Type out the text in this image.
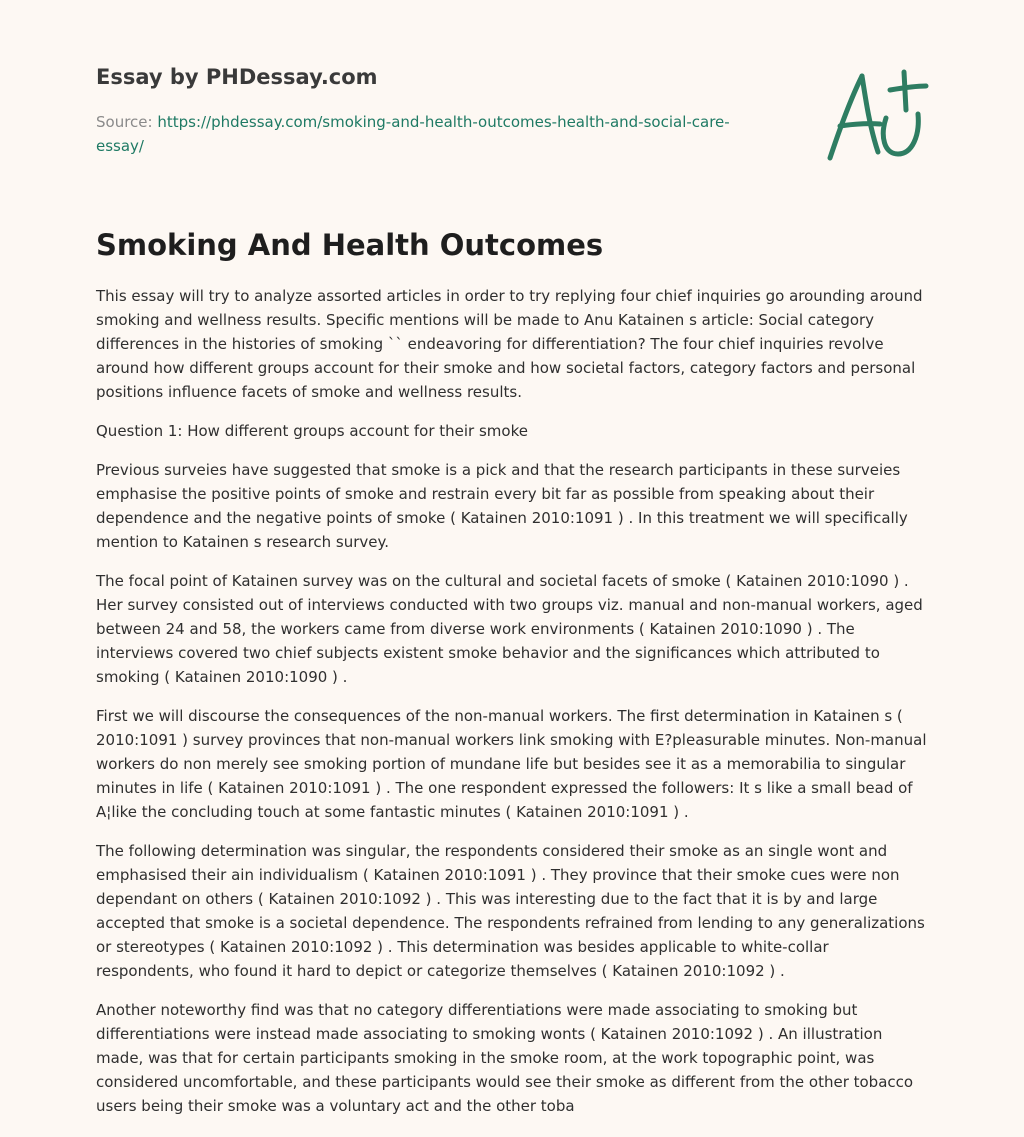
Essay by PHDessay.com
Source: https://phdessay.com/smoking-and-health-outcomes-health-and-social-care-essay/
Smoking And Health Outcomes

This essay will try to analyze assorted articles in order to try replying four chief inquiries go arounding around smoking and wellness results. Specific mentions will be made to Anu Katainen s article: Social category differences in the histories of smoking `` endeavoring for differentiation? The four chief inquiries revolve around how different groups account for their smoke and how societal factors, category factors and personal positions influence facets of smoke and wellness results.

Question 1: How different groups account for their smoke

Previous surveies have suggested that smoke is a pick and that the research participants in these surveies emphasise the positive points of smoke and restrain every bit far as possible from speaking about their dependence and the negative points of smoke ( Katainen 2010:1091 ) . In this treatment we will specifically mention to Katainen s research survey.

The focal point of Katainen survey was on the cultural and societal facets of smoke ( Katainen 2010:1090 ) . Her survey consisted out of interviews conducted with two groups viz. manual and non-manual workers, aged between 24 and 58, the workers came from diverse work environments ( Katainen 2010:1090 ) . The interviews covered two chief subjects existent smoke behavior and the significances which attributed to smoking ( Katainen 2010:1090 ) .

First we will discourse the consequences of the non-manual workers. The first determination in Katainen s ( 2010:1091 ) survey provinces that non-manual workers link smoking with E?pleasurable minutes. Non-manual workers do non merely see smoking portion of mundane life but besides see it as a memorabilia to singular minutes in life ( Katainen 2010:1091 ) . The one respondent expressed the followers: It s like a small bead of A¦like the concluding touch at some fantastic minutes ( Katainen 2010:1091 ) .

The following determination was singular, the respondents considered their smoke as an single wont and emphasised their ain individualism ( Katainen 2010:1091 ) . They province that their smoke cues were non dependant on others ( Katainen 2010:1092 ) . This was interesting due to the fact that it is by and large accepted that smoke is a societal dependence. The respondents refrained from lending to any generalizations or stereotypes ( Katainen 2010:1092 ) . This determination was besides applicable to white-collar respondents, who found it hard to depict or categorize themselves ( Katainen 2010:1092 ) .

Another noteworthy find was that no category differentiations were made associating to smoking but differentiations were instead made associating to smoking wonts ( Katainen 2010:1092 ) . An illustration made, was that for certain participants smoking in the smoke room, at the work topographic point, was considered uncomfortable, and these participants would see their smoke as different from the other tobacco users being their smoke was a voluntary act and the other toba
